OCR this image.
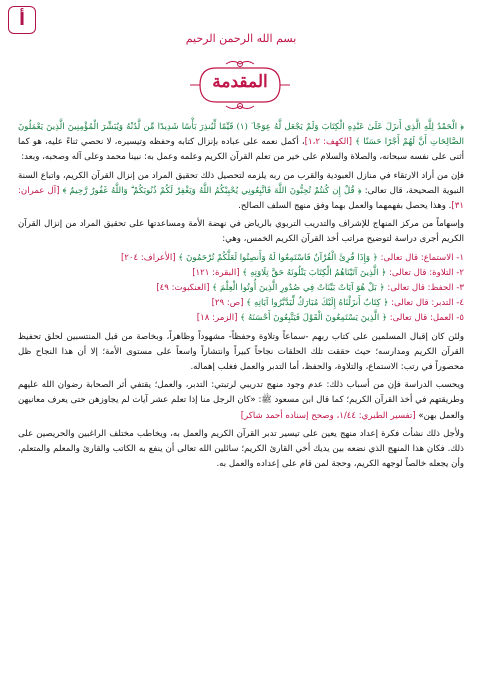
أ
بسم الله الرحمن الرحيم
المقدمة

﴿ الْحَمْدُ لِلَّهِ الَّذِي أَنزَلَ عَلَىٰ عَبْدِهِ الْكِتَابَ وَلَمْ يَجْعَل لَّهُ عِوَجًا ۜ (١) قَيِّمًا لِّيُنذِرَ بَأْسًا شَدِيدًا مِّن لَّدُنْهُ وَيُبَشِّرَ الْمُؤْمِنِينَ الَّذِينَ يَعْمَلُونَ الصَّالِحَاتِ أَنَّ لَهُمْ أَجْرًا حَسَنًا ﴾ [الكهف: ١،٢]، أكمل نعمه على عباده بإنزال كتابه وحفظه وتيسيره، لا نحصي ثناءً عليه، هو كما أثنى على نفسه سبحانه، والصلاة والسلام على خير من تعلم القرآن الكريم وعلمه وعمل به: نبينا محمد وعلى آله وصحبه، وبعد:

فإن من أراد الارتقاء في منازل العبودية والقرب من ربه يلزمه لتحصيل ذلك تحقيق المراد من إنزال القرآن الكريم، واتباع السنة النبوية الصحيحة، قال تعالى: ﴿ قُلْ إِن كُنتُمْ تُحِبُّونَ اللَّهَ فَاتَّبِعُونِي يُحْبِبْكُمُ اللَّهُ وَيَغْفِرْ لَكُمْ ذُنُوبَكُمْ ۗ وَاللَّهُ غَفُورٌ رَّحِيمٌ ﴾ [آل عمران: ٣١]. وهذا يحصل بفهمهما والعمل بهما وفق منهج السلف الصالح.

وإسهاماً من مركز المنهاج للإشراف والتدريب التربوي بالرياض في نهضة الأمة ومساعدتها على تحقيق المراد من إنزال القرآن الكريم أجرى دراسة لتوضيح مراتب أخذ القرآن الكريم الخمس، وهي:

١- الاستماع: قال تعالى: ﴿ وَإِذَا قُرِئَ الْقُرْآنُ فَاسْتَمِعُوا لَهُ وَأَنصِتُوا لَعَلَّكُمْ تُرْحَمُونَ ﴾ [الأعراف: ٢٠٤]

٢- التلاوة: قال تعالى: ﴿ الَّذِينَ آتَيْنَاهُمُ الْكِتَابَ يَتْلُونَهُ حَقَّ تِلَاوَتِهِ ﴾ [البقرة: ١٢١]

٣- الحفظ: قال تعالى: ﴿ بَلْ هُوَ آيَاتٌ بَيِّنَاتٌ فِي صُدُورِ الَّذِينَ أُوتُوا الْعِلْمَ ﴾ [العنكبوت: ٤٩]

٤- التدبر: قال تعالى: ﴿ كِتَابٌ أَنزَلْنَاهُ إِلَيْكَ مُبَارَكٌ لِّيَدَّبَّرُوا آيَاتِهِ ﴾ [ص: ٢٩]

٥- العمل: قال تعالى: ﴿ الَّذِينَ يَسْتَمِعُونَ الْقَوْلَ فَيَتَّبِعُونَ أَحْسَنَهُ ﴾ [الزمر: ١٨]

ولئن كان إقبال المسلمين على كتاب ربهم -سماعاً وتلاوة وحفظاً- مشهوداً وظاهراً، وبخاصة من قبل المنتسبين لحلق تحفيظ القرآن الكريم ومدارسه؛ حيث حققت تلك الحلقات نجاحاً كبيراً وانتشاراً واسعاً على مستوى الأمة؛ إلا أن هذا النجاح ظل محصوراً في رتب: الاستماع، والتلاوة، والحفظ، أما التدبر والعمل فغلب إهماله.

ويحسب الدراسة فإن من أسباب ذلك: عدم وجود منهج تدريبي لرتبتي: التدبر، والعمل؛ يقتفي أثر الصحابة رضوان الله عليهم وطريقتهم في أخذ القرآن الكريم؛ كما قال ابن مسعود ﷺ: «كان الرجل منا إذا تعلم عشر آيات لم يجاوزهن حتى يعرف معانيهن والعمل بهن» [تفسير الطبري: ١/٤٤، وصحح إسناده أحمد شاكر]

ولأجل ذلك نشأت فكرة إعداد منهج يعين على تيسير تدبر القرآن الكريم والعمل به، ويخاطب مختلف الراغبين والحريصين على ذلك. فكان هذا المنهج الذي نضعه بين يديك أخي القارئ الكريم؛ سائلين الله تعالى أن ينفع به الكاتب والقارئ والمعلم والمتعلم، وأن يجعله خالصاً لوجهه الكريم، وحجة لمن قام على إعداده والعمل به.
